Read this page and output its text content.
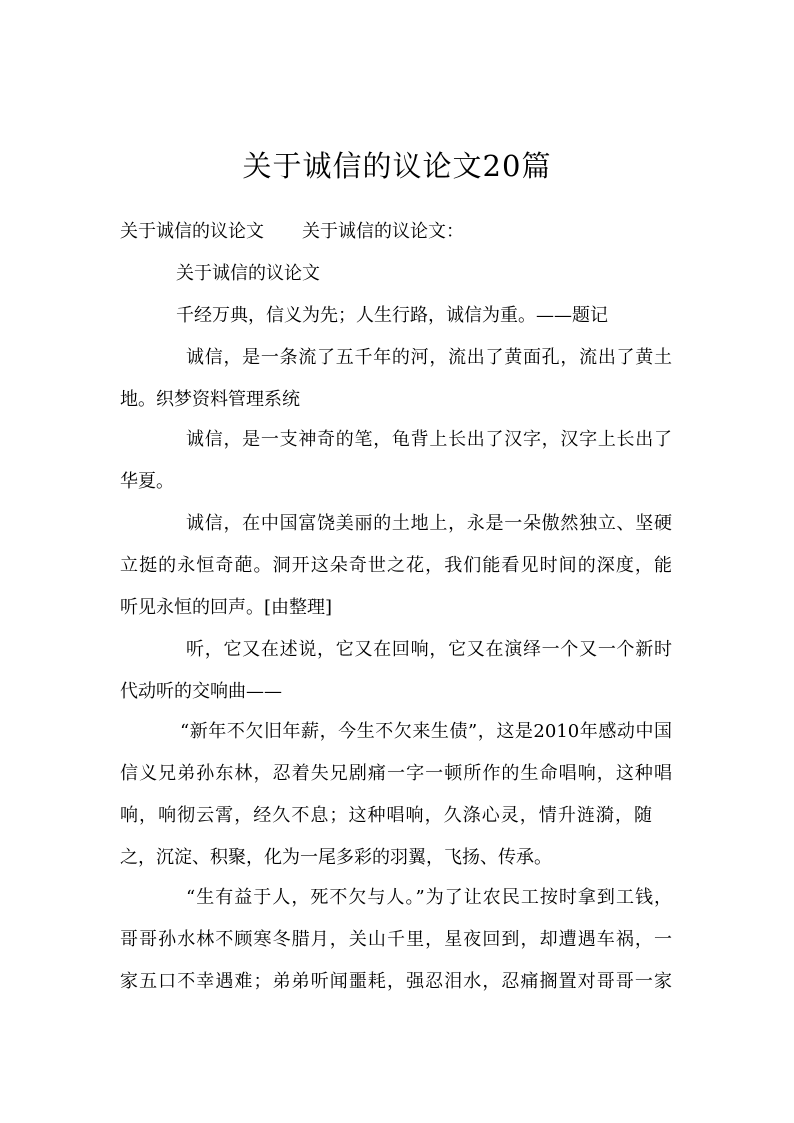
关于诚信的议论文20篇
关于诚信的议论文 关于诚信的议论文：
关于诚信的议论文
千经万典，信义为先；人生行路，诚信为重。——题记
诚信，是一条流了五千年的河，流出了黄面孔，流出了黄土
地。织梦资料管理系统
诚信，是一支神奇的笔，龟背上长出了汉字，汉字上长出了
华夏。
诚信，在中国富饶美丽的土地上，永是一朵傲然独立、坚硬
立挺的永恒奇葩。洞开这朵奇世之花，我们能看见时间的深度，能
听见永恒的回声。[由整理]
听，它又在述说，它又在回响，它又在演绎一个又一个新时
代动听的交响曲——
“新年不欠旧年薪，今生不欠来生债”，这是2010年感动中国
信义兄弟孙东林，忍着失兄剧痛一字一顿所作的生命唱响，这种唱
响，响彻云霄，经久不息；这种唱响，久涤心灵，情升涟漪，随
之，沉淀、积聚，化为一尾多彩的羽翼，飞扬、传承。
“生有益于人，死不欠与人。”为了让农民工按时拿到工钱，
哥哥孙水林不顾寒冬腊月，关山千里，星夜回到，却遭遇车祸，一
家五口不幸遇难；弟弟听闻噩耗，强忍泪水，忍痛搁置对哥哥一家
